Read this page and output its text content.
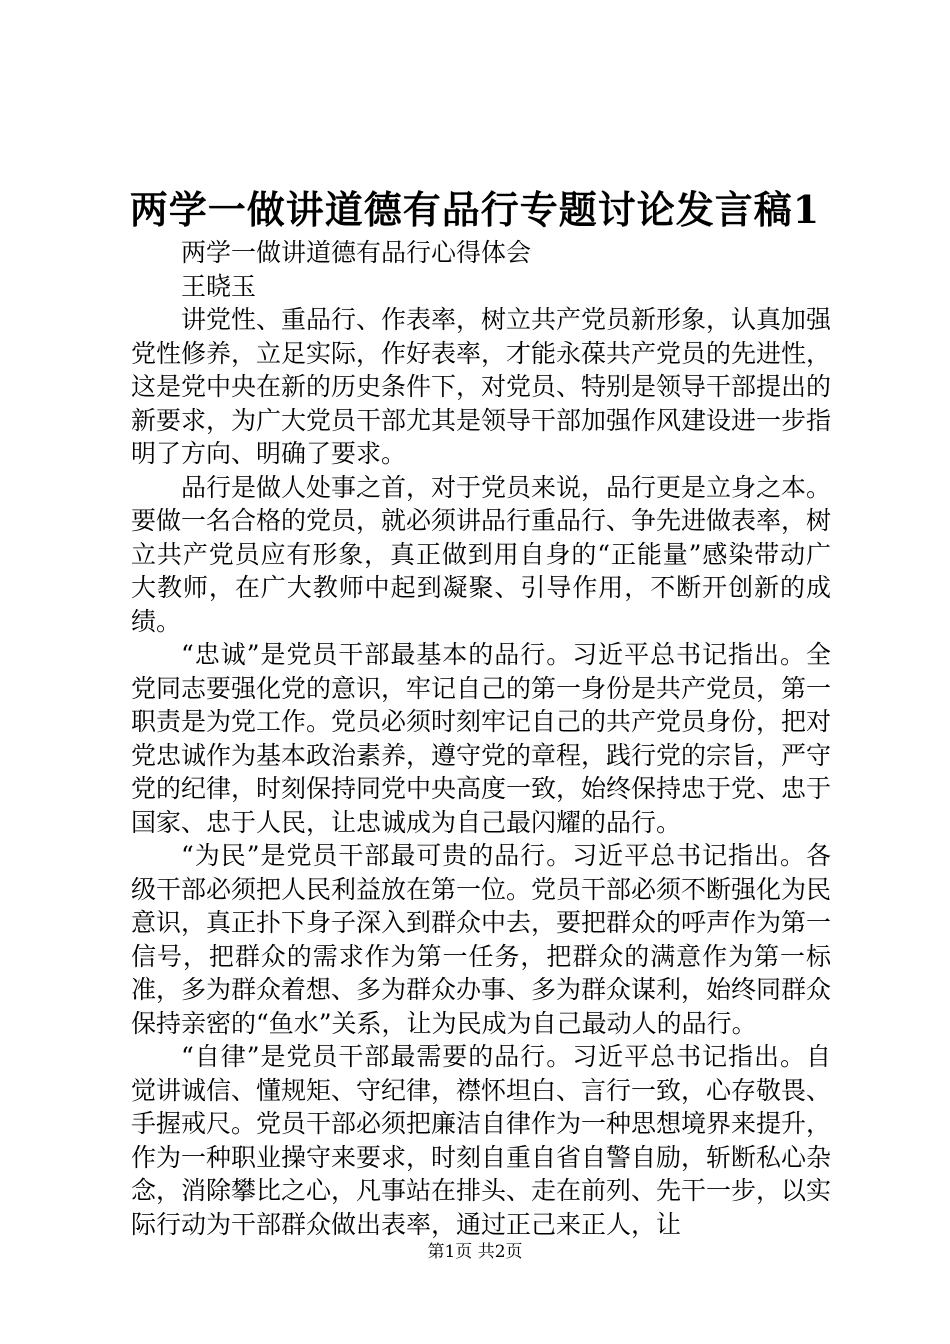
两学一做讲道德有品行专题讨论发言稿1

两学一做讲道德有品行心得体会

王晓玉

讲党性、重品行、作表率，树立共产党员新形象，认真加强党性修养，立足实际，作好表率，才能永葆共产党员的先进性，这是党中央在新的历史条件下，对党员、特别是领导干部提出的新要求，为广大党员干部尤其是领导干部加强作风建设进一步指明了方向、明确了要求。

品行是做人处事之首，对于党员来说，品行更是立身之本。要做一名合格的党员，就必须讲品行重品行、争先进做表率，树立共产党员应有形象，真正做到用自身的“正能量”感染带动广大教师，在广大教师中起到凝聚、引导作用，不断开创新的成绩。

“忠诚”是党员干部最基本的品行。习近平总书记指出。全党同志要强化党的意识，牢记自己的第一身份是共产党员，第一职责是为党工作。党员必须时刻牢记自己的共产党员身份，把对党忠诚作为基本政治素养，遵守党的章程，践行党的宗旨，严守党的纪律，时刻保持同党中央高度一致，始终保持忠于党、忠于国家、忠于人民，让忠诚成为自己最闪耀的品行。

“为民”是党员干部最可贵的品行。习近平总书记指出。各级干部必须把人民利益放在第一位。党员干部必须不断强化为民意识，真正扑下身子深入到群众中去，要把群众的呼声作为第一信号，把群众的需求作为第一任务，把群众的满意作为第一标准，多为群众着想、多为群众办事、多为群众谋利，始终同群众保持亲密的“鱼水”关系，让为民成为自己最动人的品行。

“自律”是党员干部最需要的品行。习近平总书记指出。自觉讲诚信、懂规矩、守纪律，襟怀坦白、言行一致，心存敬畏、手握戒尺。党员干部必须把廉洁自律作为一种思想境界来提升，作为一种职业操守来要求，时刻自重自省自警自励，斩断私心杂念，消除攀比之心，凡事站在排头、走在前列、先干一步，以实际行动为干部群众做出表率，通过正己来正人，让

第1页 共2页
